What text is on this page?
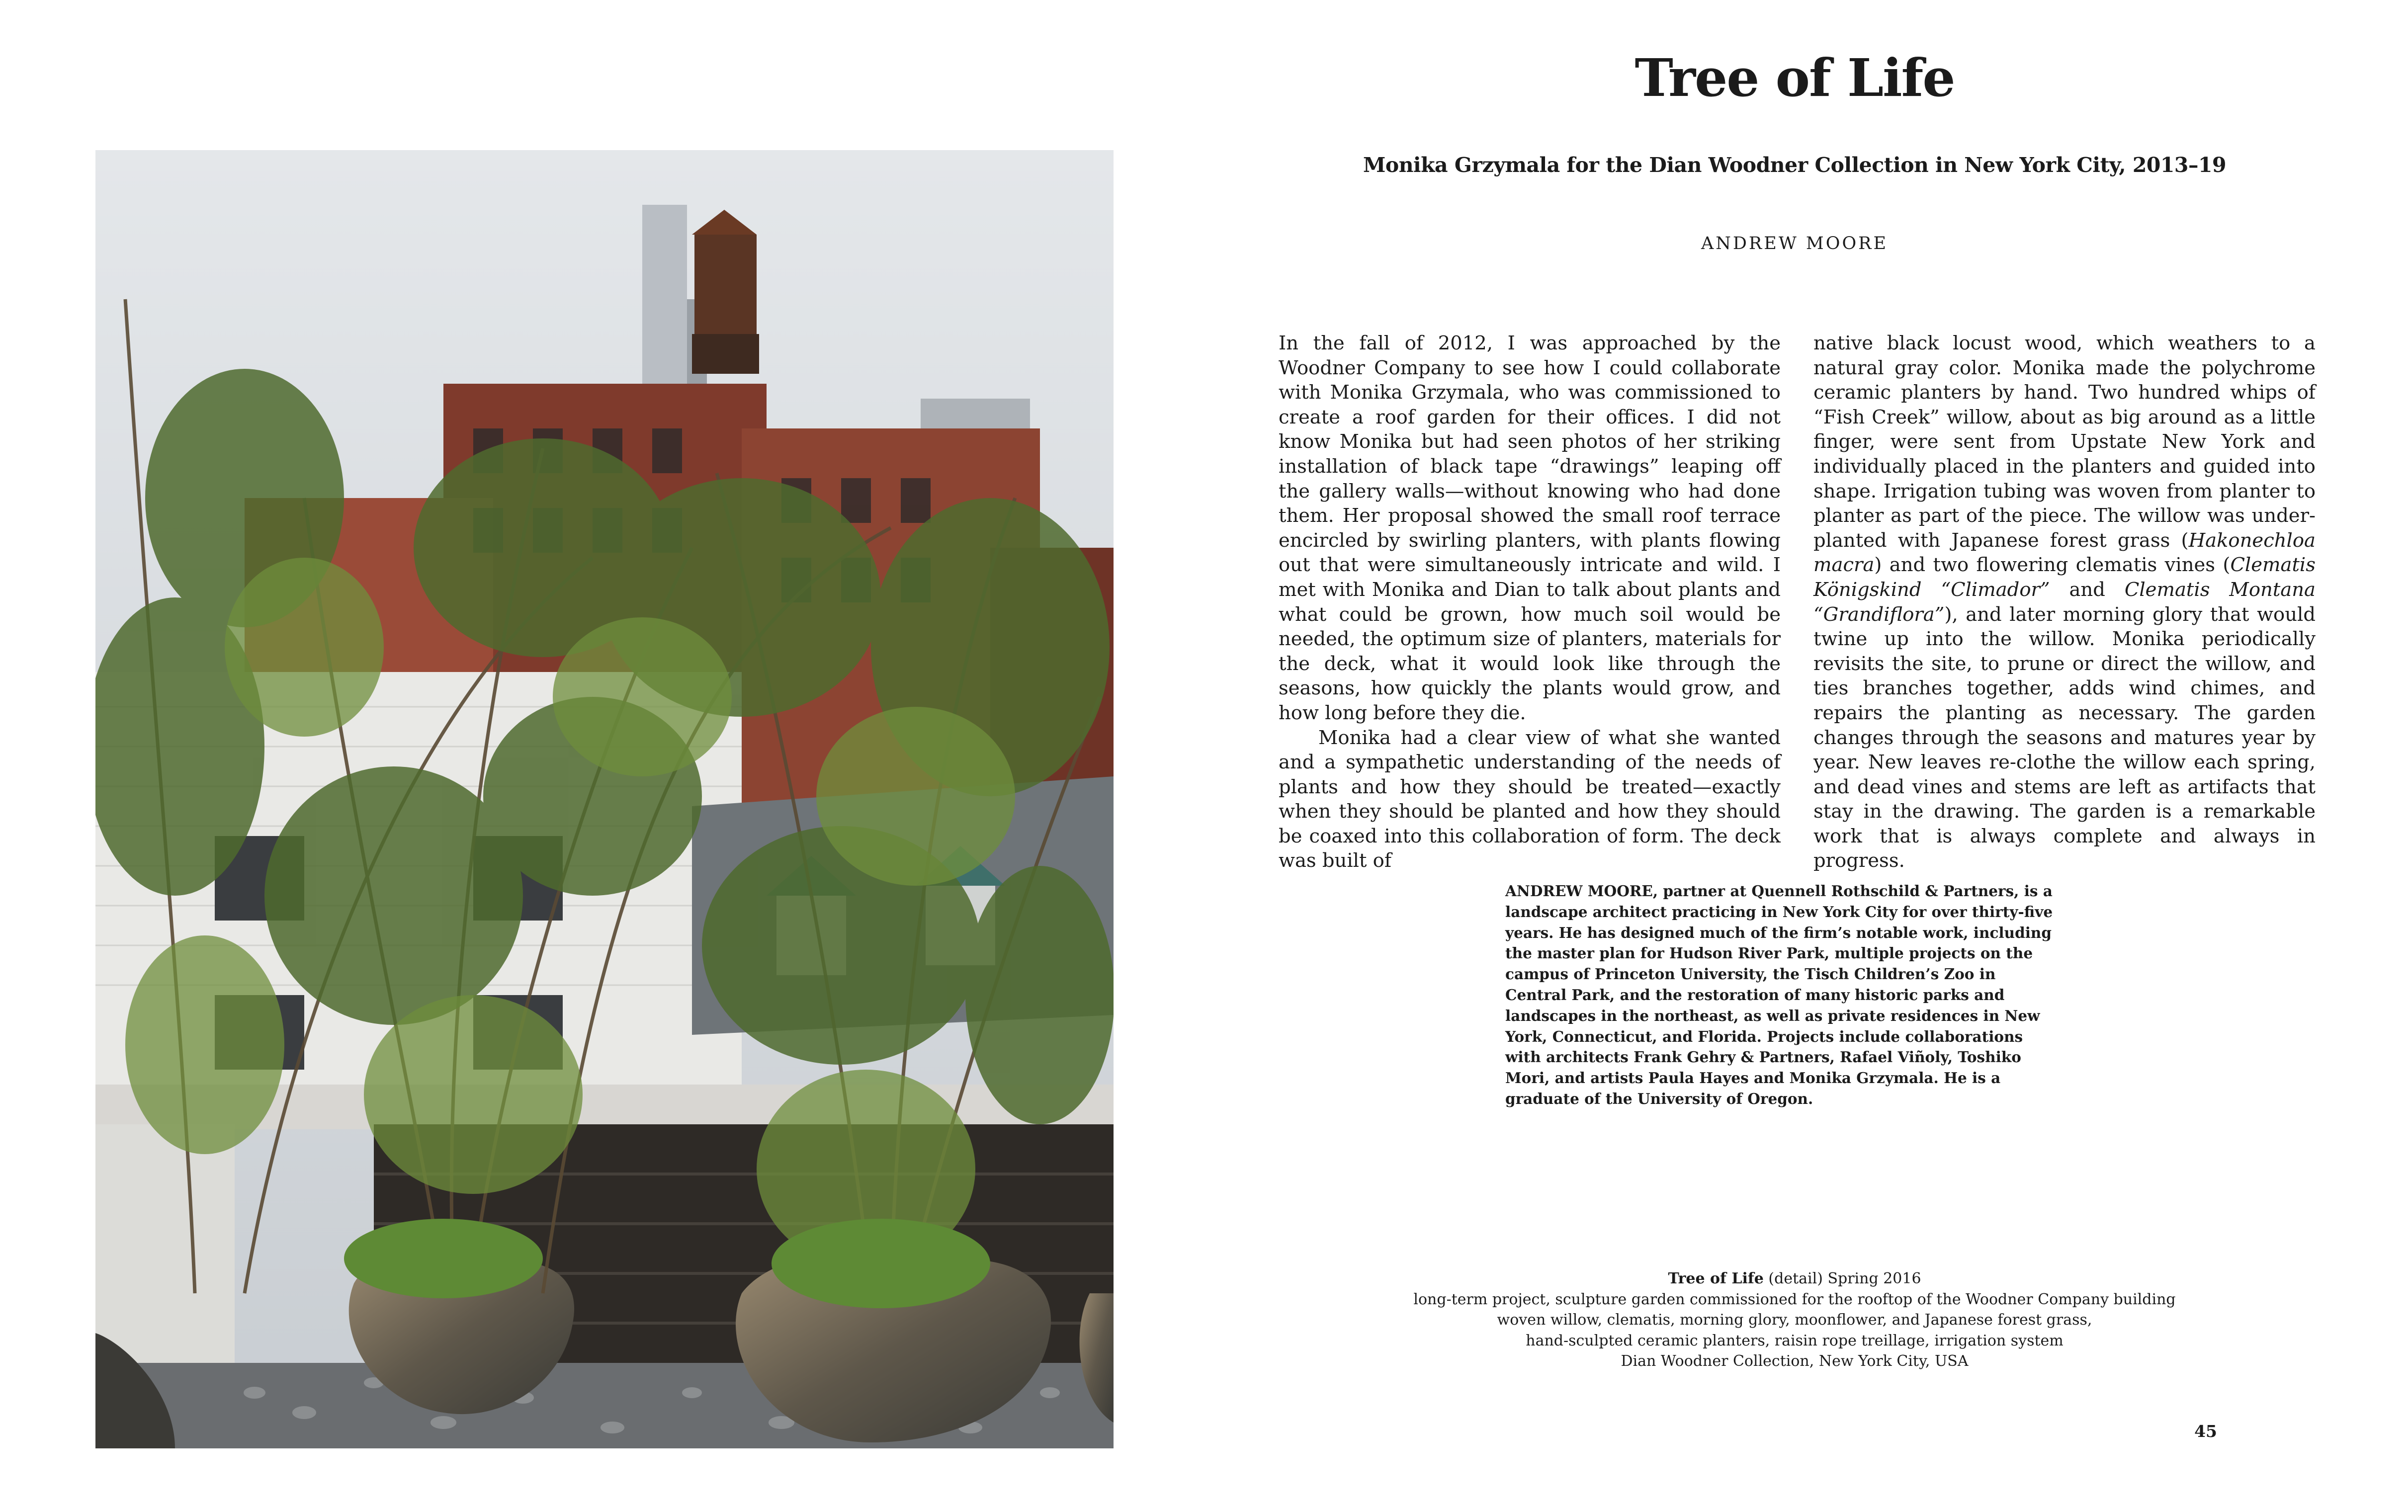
Tree of Life
Monika Grzymala for the Dian Woodner Collection in New York City, 2013–19
ANDREW MOORE

In the fall of 2012, I was approached by the Woodner Company to see how I could collaborate with Monika Grzymala, who was commissioned to create a roof garden for their offices. I did not know Monika but had seen photos of her striking installation of black tape “drawings” leaping off the gallery walls—without knowing who had done them. Her proposal showed the small roof terrace encircled by swirling planters, with plants flowing out that were simultaneously intricate and wild. I met with Monika and Dian to talk about plants and what could be grown, how much soil would be needed, the optimum size of planters, materials for the deck, what it would look like through the seasons, how quickly the plants would grow, and how long before they die.

Monika had a clear view of what she wanted and a sympathetic understanding of the needs of plants and how they should be treated—exactly when they should be planted and how they should be coaxed into this collaboration of form. The deck was built of

native black locust wood, which weathers to a natural gray color. Monika made the polychrome ceramic planters by hand. Two hundred whips of “Fish Creek” willow, about as big around as a little finger, were sent from Upstate New York and individually placed in the planters and guided into shape. Irrigation tubing was woven from planter to planter as part of the piece. The willow was under-planted with Japanese forest grass (Hakonechloa macra) and two flowering clematis vines (Clematis Königskind “Climador” and Clematis Montana “Grandiflora”), and later morning glory that would twine up into the willow. Monika periodically revisits the site, to prune or direct the willow, and ties branches together, adds wind chimes, and repairs the planting as necessary. The garden changes through the seasons and matures year by year. New leaves re-clothe the willow each spring, and dead vines and stems are left as artifacts that stay in the drawing. The garden is a remarkable work that is always complete and always in progress.

ANDREW MOORE, partner at Quennell Rothschild & Partners, is a landscape architect practicing in New York City for over thirty-five years. He has designed much of the firm’s notable work, including the master plan for Hudson River Park, multiple projects on the campus of Princeton University, the Tisch Children’s Zoo in Central Park, and the restoration of many historic parks and landscapes in the northeast, as well as private residences in New York, Connecticut, and Florida. Projects include collaborations with architects Frank Gehry & Partners, Rafael Viñoly, Toshiko Mori, and artists Paula Hayes and Monika Grzymala. He is a graduate of the University of Oregon.

Tree of Life (detail) Spring 2016
long-term project, sculpture garden commissioned for the rooftop of the Woodner Company building
woven willow, clematis, morning glory, moonflower, and Japanese forest grass,
hand-sculpted ceramic planters, raisin rope treillage, irrigation system
Dian Woodner Collection, New York City, USA
45
